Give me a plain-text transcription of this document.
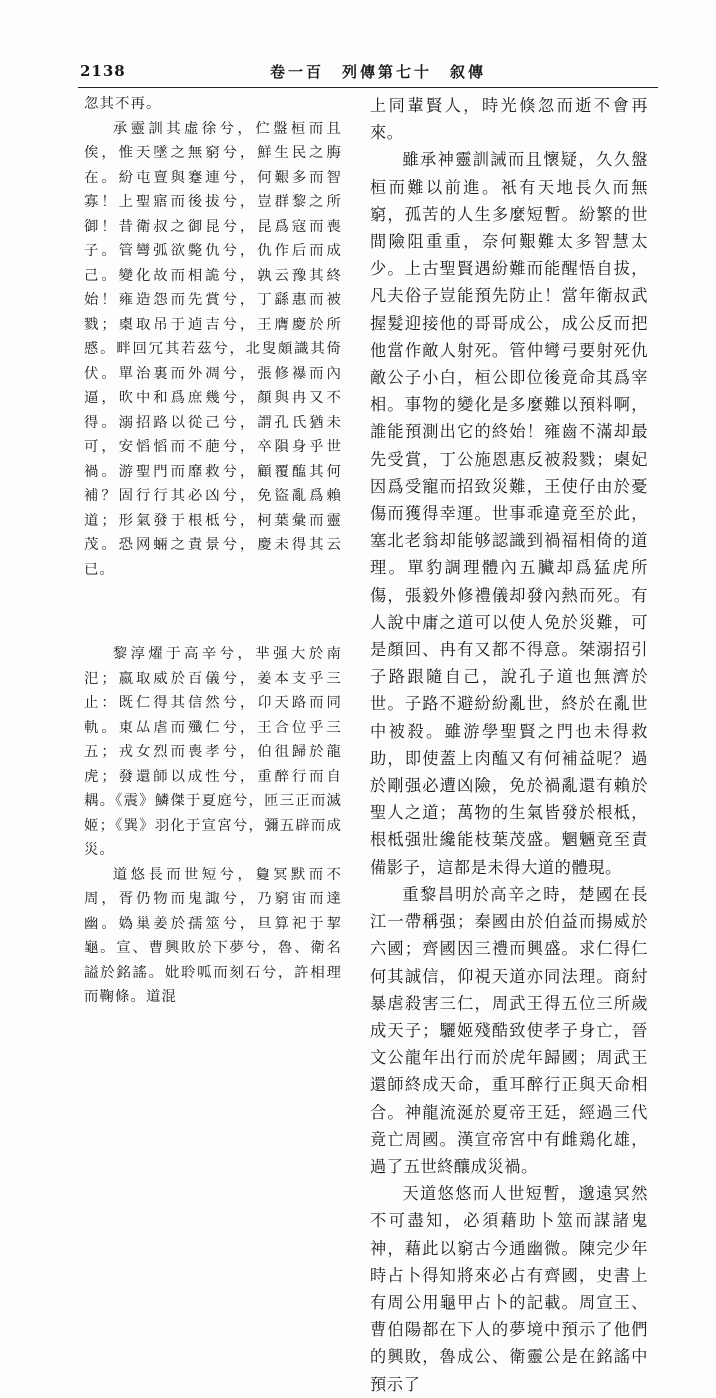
2138	卷一百　列傳第七十　叙傳

忽其不再。

承靈訓其虛徐兮，伫盤桓而且俟，惟天墜之無窮兮，鮮生民之脢在。紛屯亶與蹇連兮，何艱多而智寡！上聖寤而後拔兮，豈群黎之所御！昔衛叔之御昆兮，昆爲寇而喪子。管彎弧欲斃仇兮，仇作后而成己。變化故而相詭兮，孰云豫其終始！雍造怨而先賞兮，丁繇惠而被戮；㮚取吊于逌吉兮，王膺慶於所慼。畔回冗其若茲兮，北叟頗識其倚伏。單治裏而外凋兮，張修襮而內逼，欥中和爲庶幾兮，顏與冉又不得。溺招路以從己兮，謂孔氏猶未可，安慆慆而不萉兮，卒隕身乎世禍。游聖門而靡救兮，顧覆醢其何補？固行行其必凶兮，免盜亂爲賴道；形氣發于根柢兮，柯葉彙而靈茂。恐网蜽之責景兮，慶未得其云已。

黎淳燿于高辛兮，芈强大於南汜；嬴取威於百儀兮，姜本支乎三止：既仁得其信然兮，卬天路而同軌。東厸虐而殲仁兮，王合位乎三五；戎女烈而喪孝兮，伯徂歸於龍虎；發還師以成性兮，重醉行而自耦。《震》鱗傑于夏庭兮，匝三正而滅姬；《巽》羽化于宣宮兮，彌五辟而成災。

道悠長而世短兮，敻冥默而不周，胥仍物而鬼諏兮，乃窮宙而達幽。媯巢姜於孺筮兮，旦算祀于挈龜。宣、曹興敗於下夢兮，魯、衛名謚於銘謠。妣聆呱而刻石兮，許相理而鞠條。道混

上同輩賢人，時光倏忽而逝不會再來。

雖承神靈訓誡而且懷疑，久久盤桓而難以前進。衹有天地長久而無窮，孤苦的人生多麼短暫。紛繁的世間險阻重重，奈何艱難太多智慧太少。上古聖賢遇紛難而能醒悟自拔，凡夫俗子豈能預先防止！當年衛叔武握髮迎接他的哥哥成公，成公反而把他當作敵人射死。管仲彎弓要射死仇敵公子小白，桓公即位後竟命其爲宰相。事物的變化是多麼難以預料啊，誰能預測出它的終始！雍齒不滿却最先受賞，丁公施恩惠反被殺戮；㮚妃因爲受寵而招致災難，王使仔由於憂傷而獲得幸運。世事乖違竟至於此，塞北老翁却能够認識到禍福相倚的道理。單豹調理體內五臟却爲猛虎所傷，張毅外修禮儀却發內熱而死。有人說中庸之道可以使人免於災難，可是顏回、冉有又都不得意。桀溺招引子路跟隨自己，說孔子道也無濟於世。子路不避紛紛亂世，終於在亂世中被殺。雖游學聖賢之門也未得救助，即使蓋上肉醢又有何補益呢？過於剛强必遭凶險，免於禍亂還有賴於聖人之道；萬物的生氣皆發於根柢，根柢强壯纔能枝葉茂盛。魍魎竟至責備影子，這都是未得大道的體現。

重黎昌明於高辛之時，楚國在長江一帶稱强；秦國由於伯益而揚威於六國；齊國因三禮而興盛。求仁得仁何其誠信，仰視天道亦同法理。商紂暴虐殺害三仁，周武王得五位三所歲成天子；驪姬殘酷致使孝子身亡，晉文公龍年出行而於虎年歸國；周武王還師終成天命，重耳醉行正與天命相合。神龍流涎於夏帝王廷，經過三代竟亡周國。漢宣帝宮中有雌鶏化雄，過了五世終釀成災禍。

天道悠悠而人世短暫，邈遠冥然不可盡知，必須藉助卜筮而謀諸鬼神，藉此以窮古今通幽微。陳完少年時占卜得知將來必占有齊國，史書上有周公用龜甲占卜的記載。周宣王、曹伯陽都在下人的夢境中預示了他們的興敗，魯成公、衛靈公是在銘謠中預示了
